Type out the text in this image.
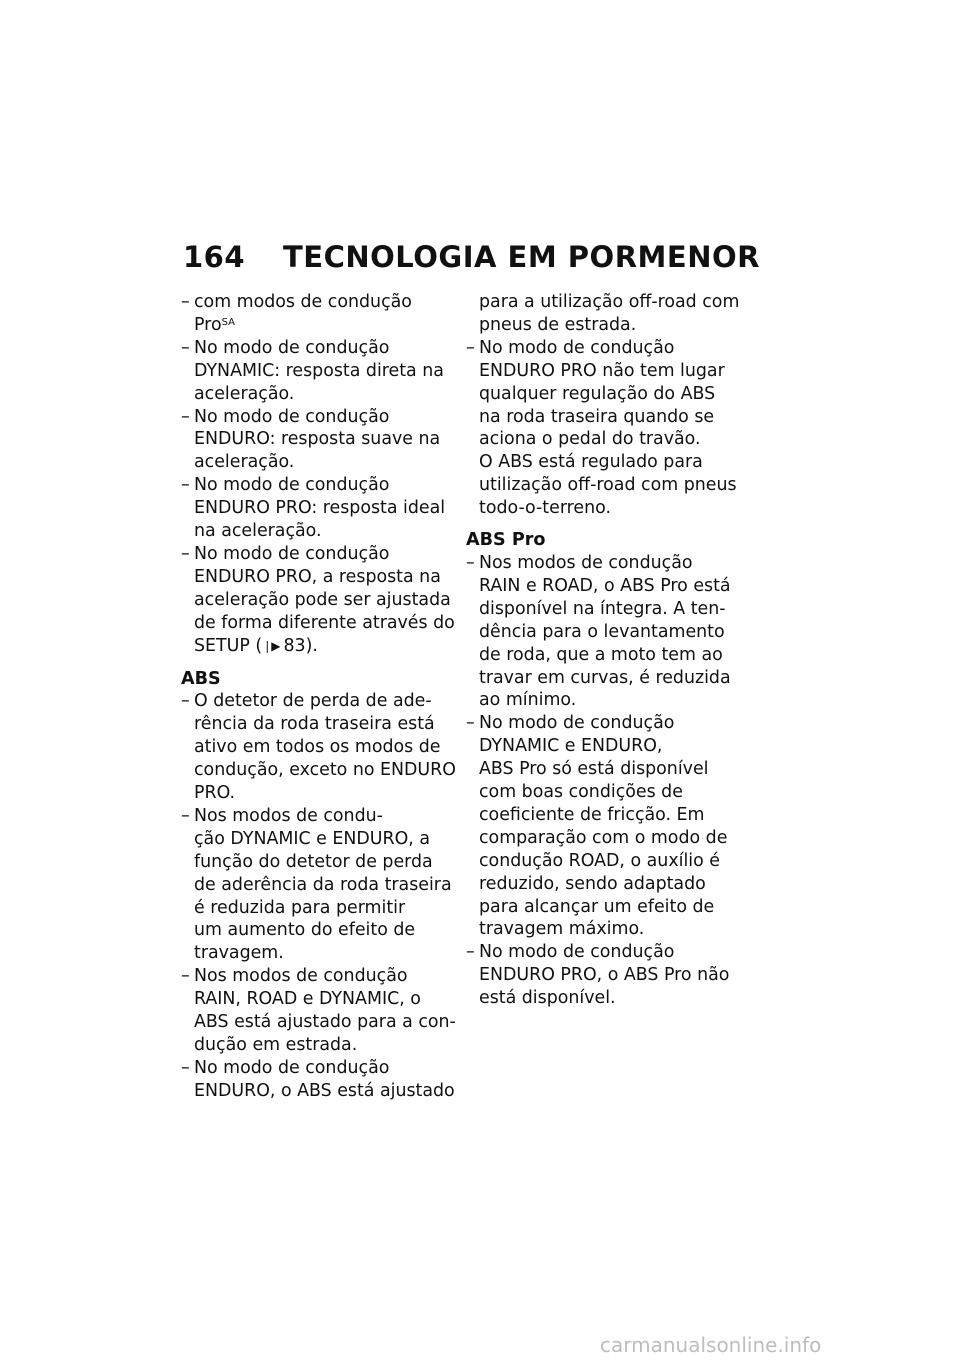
164 TECNOLOGIA EM PORMENOR
– com modos de condução
Pro$^{SA}$
– No modo de condução
DYNAMIC: resposta direta na
aceleração.
– No modo de condução
ENDURO: resposta suave na
aceleração.
– No modo de condução
ENDURO PRO: resposta ideal
na aceleração.
– No modo de condução
ENDURO PRO, a resposta na
aceleração pode ser ajustada
de forma diferente através do
SETUP (❘▶ 83).
ABS
– O detetor de perda de ade-
rência da roda traseira está
ativo em todos os modos de
condução, exceto no ENDURO
PRO.
– Nos modos de condu-
ção DYNAMIC e ENDURO, a
função do detetor de perda
de aderência da roda traseira
é reduzida para permitir
um aumento do efeito de
travagem.
– Nos modos de condução
RAIN, ROAD e DYNAMIC, o
ABS está ajustado para a con-
dução em estrada.
– No modo de condução
ENDURO, o ABS está ajustado
para a utilização off-road com
pneus de estrada.
– No modo de condução
ENDURO PRO não tem lugar
qualquer regulação do ABS
na roda traseira quando se
aciona o pedal do travão.
O ABS está regulado para
utilização off-road com pneus
todo-o-terreno.
ABS Pro
– Nos modos de condução
RAIN e ROAD, o ABS Pro está
disponível na íntegra. A ten-
dência para o levantamento
de roda, que a moto tem ao
travar em curvas, é reduzida
ao mínimo.
– No modo de condução
DYNAMIC e ENDURO,
ABS Pro só está disponível
com boas condições de
coeficiente de fricção. Em
comparação com o modo de
condução ROAD, o auxílio é
reduzido, sendo adaptado
para alcançar um efeito de
travagem máximo.
– No modo de condução
ENDURO PRO, o ABS Pro não
está disponível.
carmanualsonline.info
